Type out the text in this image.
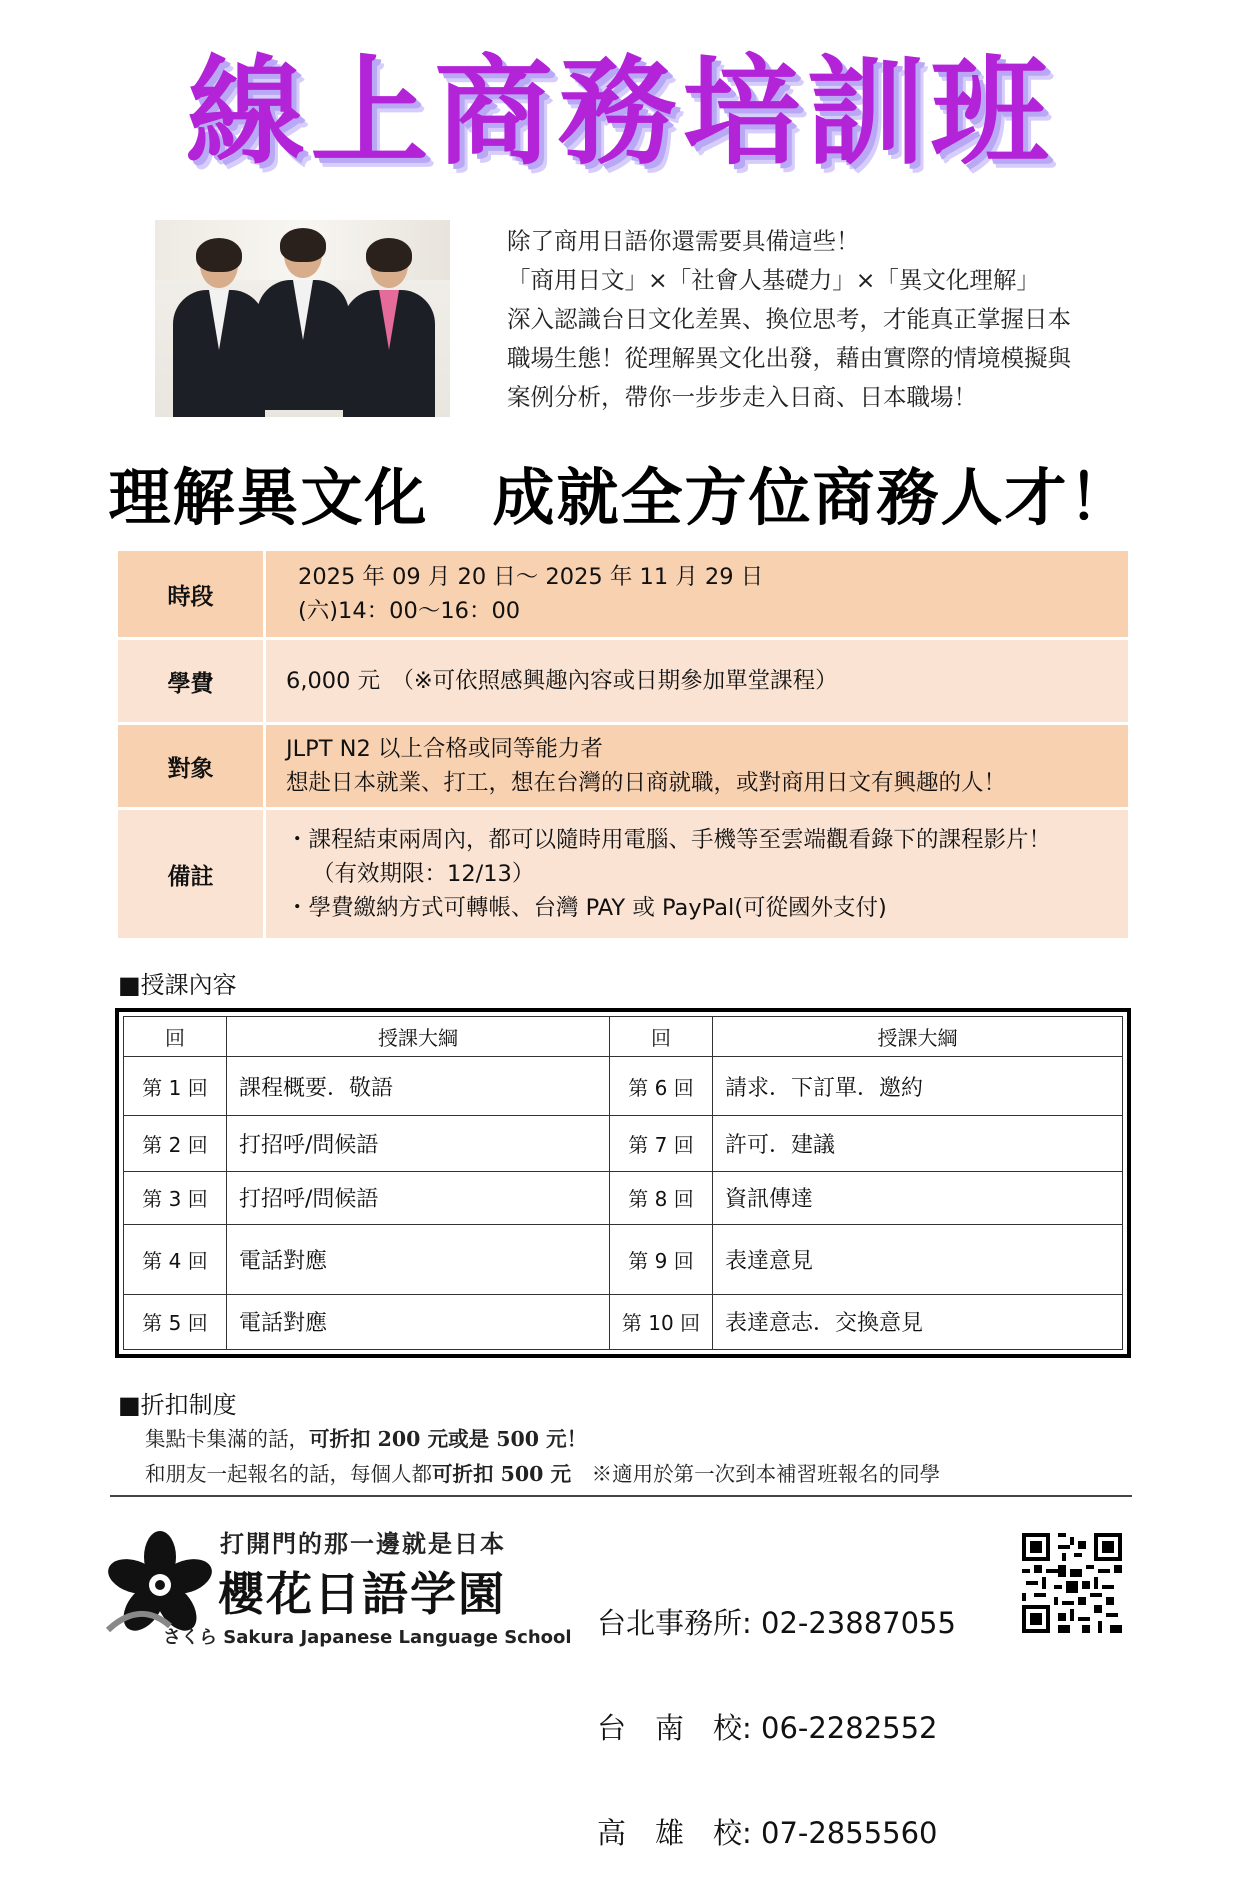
線上商務培訓班
除了商用日語你還需要具備這些！
「商用日文」×「社會人基礎力」×「異文化理解」
深入認識台日文化差異、換位思考，才能真正掌握日本
職場生態！從理解異文化出發，藉由實際的情境模擬與
案例分析，帶你一步步走入日商、日本職場！
理解異文化　成就全方位商務人才！
時段	2025 年 09 月 20 日～ 2025 年 11 月 29 日
(六)14：00～16：00

學費	6,000 元　（※可依照感興趣內容或日期參加單堂課程）

對象	JLPT N2 以上合格或同等能力者
想赴日本就業、打工，想在台灣的日商就職，或對商用日文有興趣的人！

備註	・課程結束兩周內，都可以隨時用電腦、手機等至雲端觀看錄下的課程影片！
（有效期限：12/13）
・學費繳納方式可轉帳、台灣 PAY 或 PayPal(可從國外支付)
■授課內容
回	授課大綱	回	授課大綱
第 1 回	課程概要．敬語	第 6 回	請求．下訂單．邀約
第 2 回	打招呼/問候語	第 7 回	許可．建議
第 3 回	打招呼/問候語	第 8 回	資訊傳達
第 4 回	電話對應	第 9 回	表達意見
第 5 回	電話對應	第 10 回	表達意志．交換意見
■折扣制度
集點卡集滿的話，可折扣 200 元或是 500 元！
和朋友一起報名的話，每個人都可折扣 500 元　※適用於第一次到本補習班報名的同學
打開門的那一邊就是日本
櫻花日語学園
さくら Sakura Japanese Language School

台北事務所: 02-23887055

台　南　校: 06-2282552

高　雄　校: 07-2855560
